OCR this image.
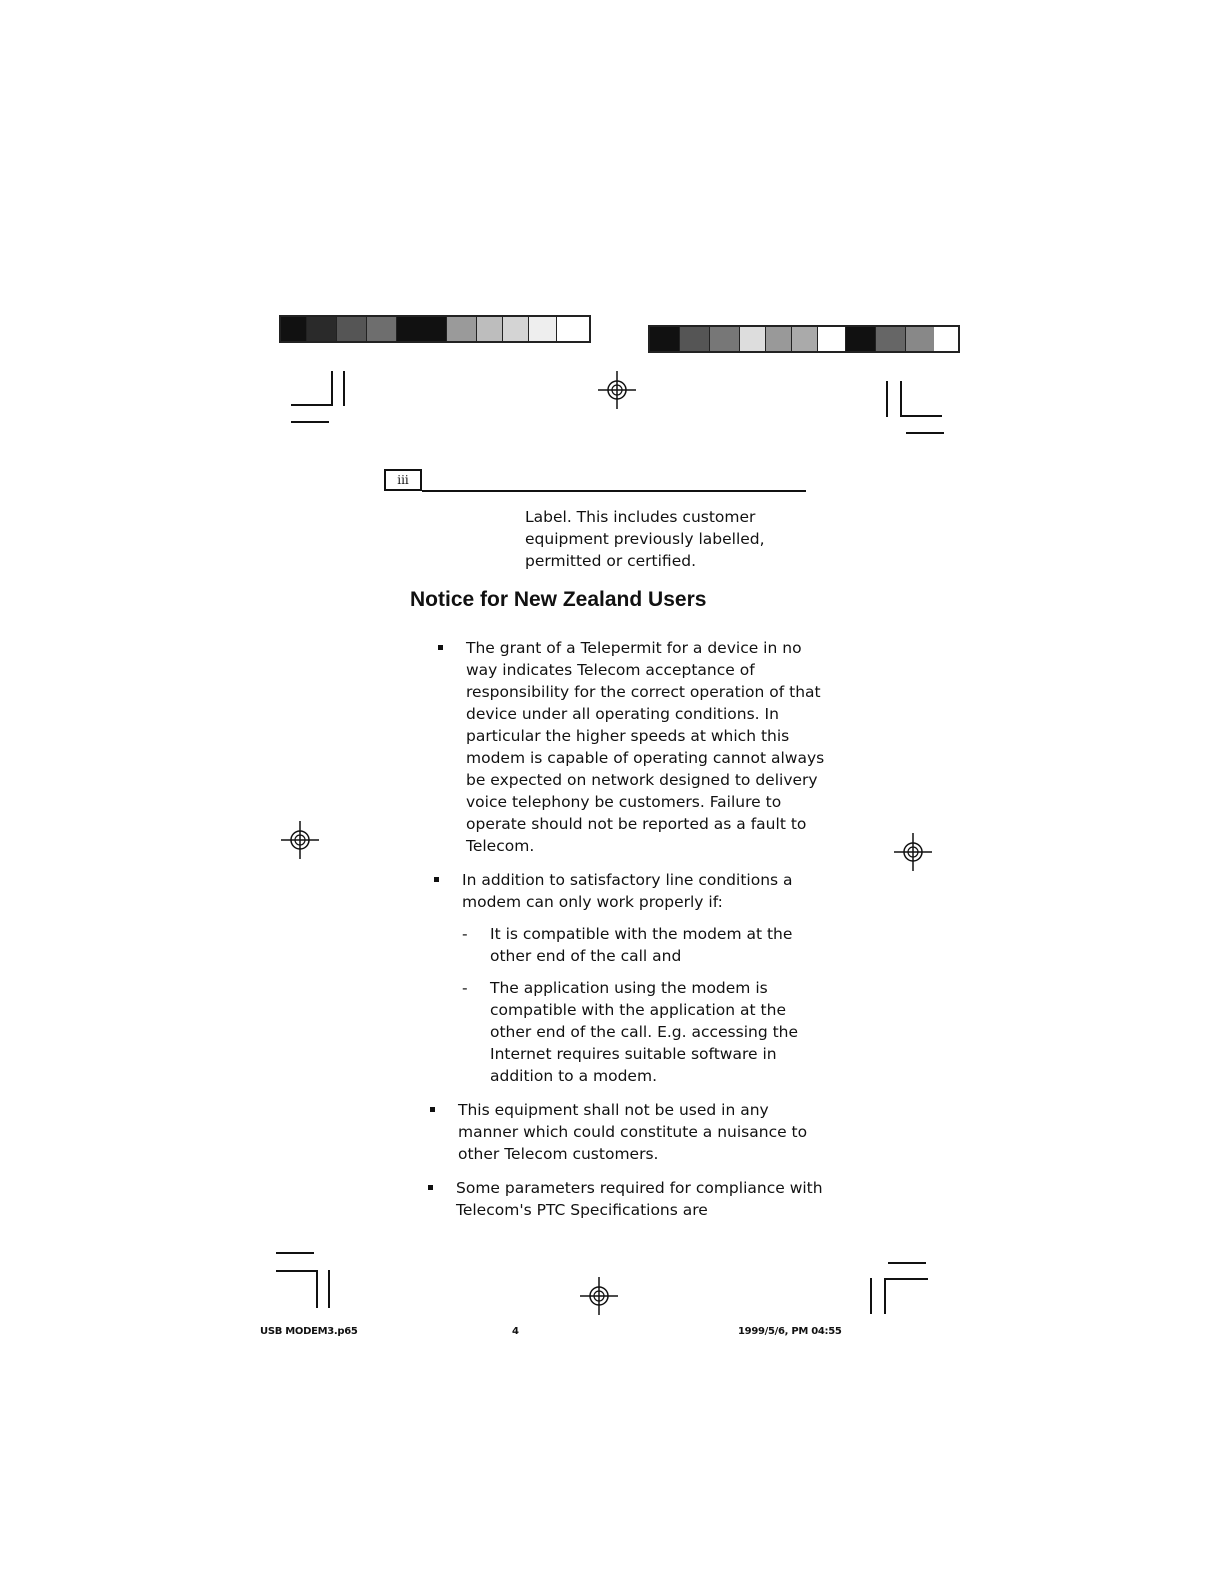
iii
Label. This includes customer equipment previously labelled, permitted or certified.
Notice for New Zealand Users
The grant of a Telepermit for a device in no way indicates Telecom acceptance of responsibility for the correct operation of that device under all operating conditions. In particular the higher speeds at which this modem is capable of operating cannot always be expected on network designed to delivery voice telephony be customers. Failure to operate should not be reported as a fault to Telecom.
In addition to satisfactory line conditions a modem can only work properly if:
- It is compatible with the modem at the other end of the call and
- The application using the modem is compatible with the application at the other end of the call. E.g. accessing the Internet requires suitable software in addition to a modem.
This equipment shall not be used in any manner which could constitute a nuisance to other Telecom customers.
Some parameters required for compliance with Telecom's PTC Specifications are
USB MODEM3.p65	4	1999/5/6, PM 04:55
